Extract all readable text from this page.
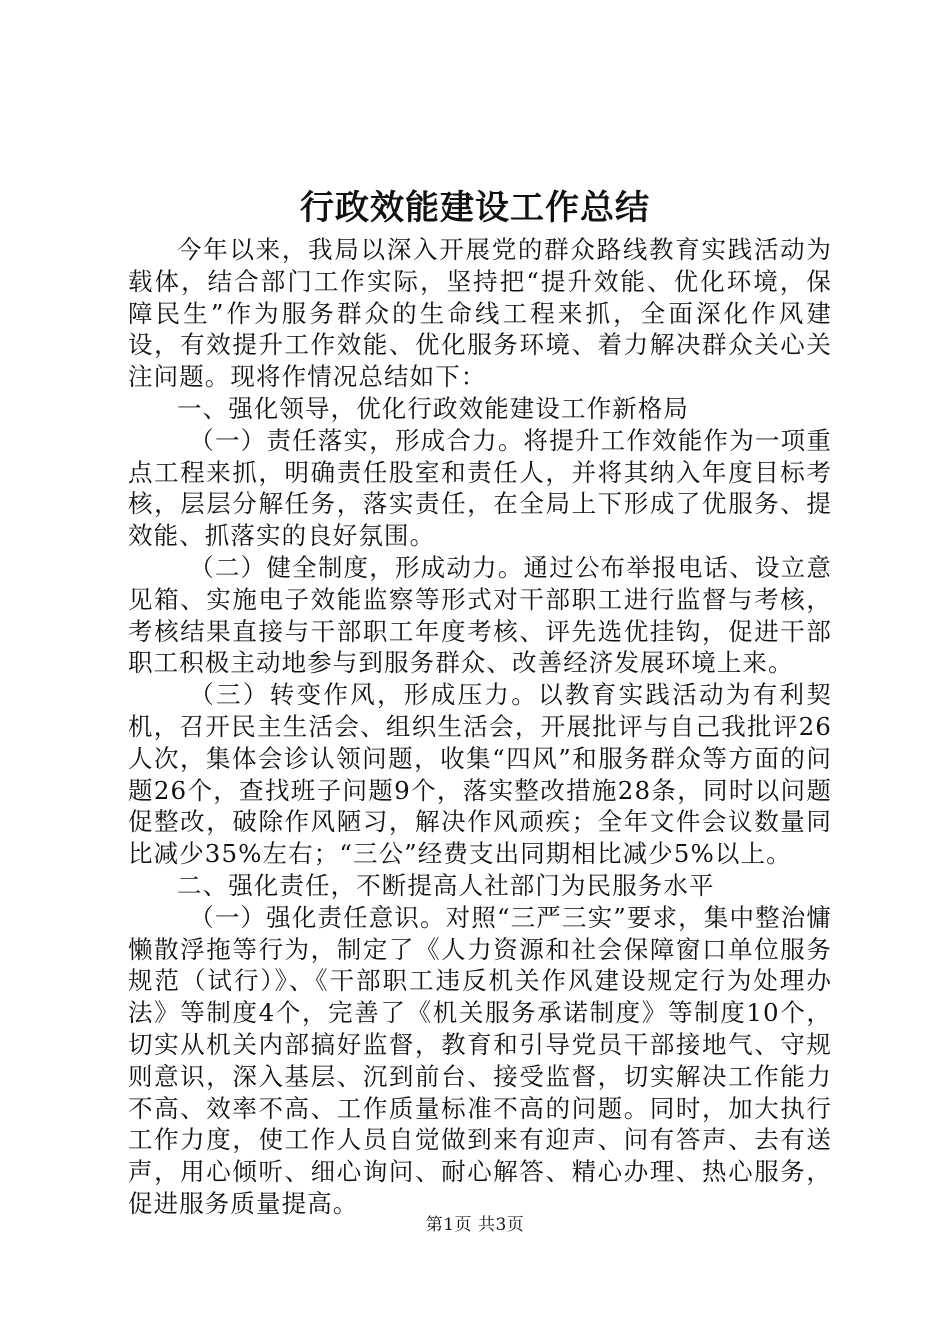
行政效能建设工作总结

今年以来，我局以深入开展党的群众路线教育实践活动为载体，结合部门工作实际，坚持把“提升效能、优化环境，保障民生”作为服务群众的生命线工程来抓，全面深化作风建设，有效提升工作效能、优化服务环境、着力解决群众关心关注问题。现将作情况总结如下：

一、强化领导，优化行政效能建设工作新格局

（一）责任落实，形成合力。将提升工作效能作为一项重点工程来抓，明确责任股室和责任人，并将其纳入年度目标考核，层层分解任务，落实责任，在全局上下形成了优服务、提效能、抓落实的良好氛围。

（二）健全制度，形成动力。通过公布举报电话、设立意见箱、实施电子效能监察等形式对干部职工进行监督与考核，考核结果直接与干部职工年度考核、评先选优挂钩，促进干部职工积极主动地参与到服务群众、改善经济发展环境上来。

（三）转变作风，形成压力。以教育实践活动为有利契机，召开民主生活会、组织生活会，开展批评与自己我批评26人次，集体会诊认领问题，收集“四风”和服务群众等方面的问题26个，查找班子问题9个，落实整改措施28条，同时以问题促整改，破除作风陋习，解决作风顽疾；全年文件会议数量同比减少35%左右；“三公”经费支出同期相比减少5%以上。

二、强化责任，不断提高人社部门为民服务水平

（一）强化责任意识。对照“三严三实”要求，集中整治慵懒散浮拖等行为，制定了《人力资源和社会保障窗口单位服务规范（试行）》、《干部职工违反机关作风建设规定行为处理办法》等制度4个，完善了《机关服务承诺制度》等制度10个，切实从机关内部搞好监督，教育和引导党员干部接地气、守规则意识，深入基层、沉到前台、接受监督，切实解决工作能力不高、效率不高、工作质量标准不高的问题。同时，加大执行工作力度，使工作人员自觉做到来有迎声、问有答声、去有送声，用心倾听、细心询问、耐心解答、精心办理、热心服务，促进服务质量提高。

第1页 共3页
